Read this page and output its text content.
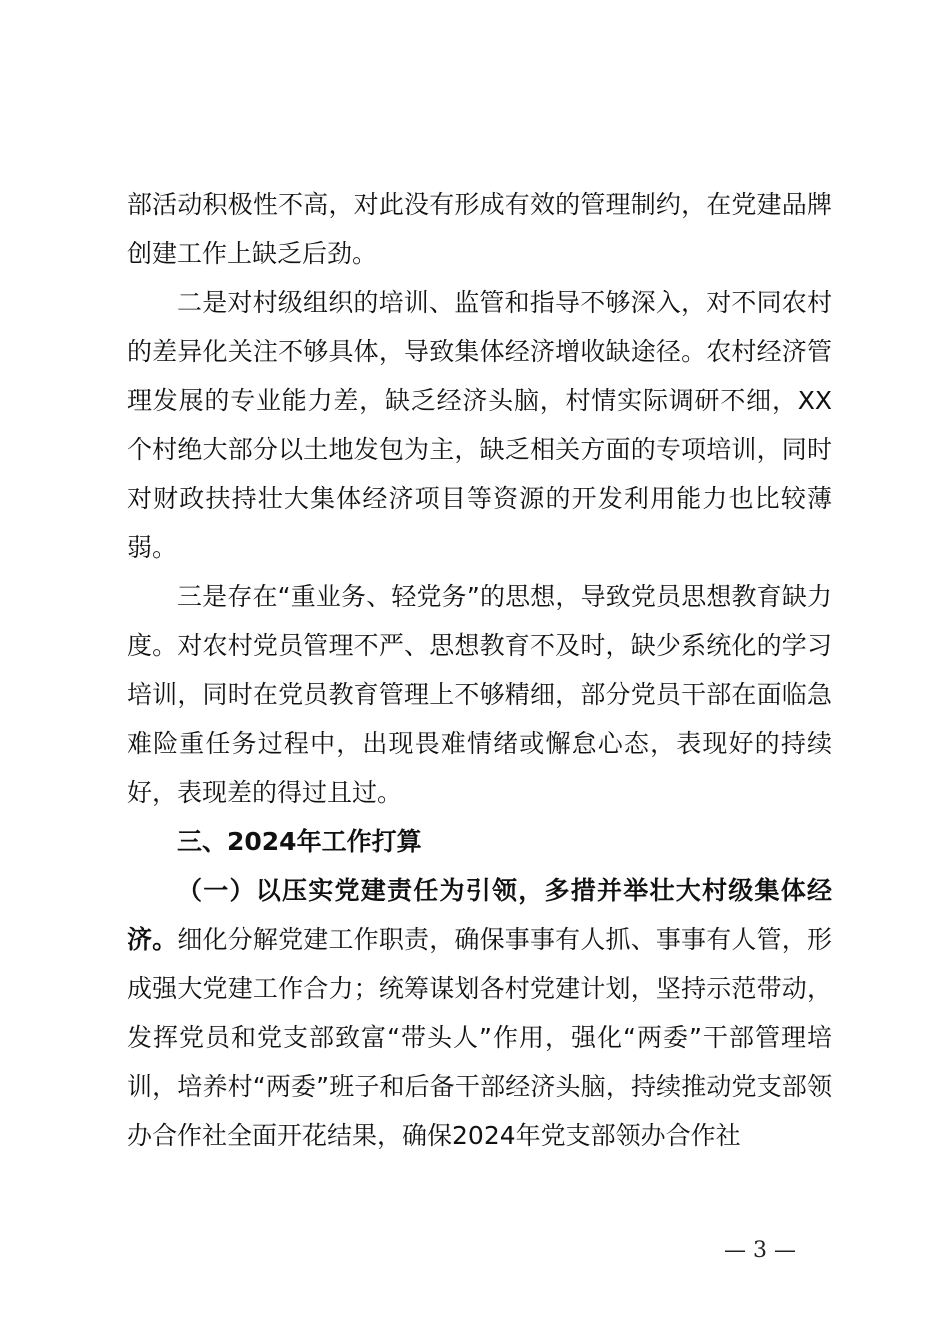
部活动积极性不高，对此没有形成有效的管理制约，在党建品牌创建工作上缺乏后劲。

二是对村级组织的培训、监管和指导不够深入，对不同农村的差异化关注不够具体，导致集体经济增收缺途径。农村经济管理发展的专业能力差，缺乏经济头脑，村情实际调研不细，XX个村绝大部分以土地发包为主，缺乏相关方面的专项培训，同时对财政扶持壮大集体经济项目等资源的开发利用能力也比较薄弱。

三是存在“重业务、轻党务”的思想，导致党员思想教育缺力度。对农村党员管理不严、思想教育不及时，缺少系统化的学习培训，同时在党员教育管理上不够精细，部分党员干部在面临急难险重任务过程中，出现畏难情绪或懈怠心态，表现好的持续好，表现差的得过且过。

三、2024年工作打算

（一）以压实党建责任为引领，多措并举壮大村级集体经济。细化分解党建工作职责，确保事事有人抓、事事有人管，形成强大党建工作合力；统筹谋划各村党建计划，坚持示范带动，发挥党员和党支部致富“带头人”作用，强化“两委”干部管理培训，培养村“两委”班子和后备干部经济头脑，持续推动党支部领办合作社全面开花结果，确保2024年党支部领办合作社

— 3 —
